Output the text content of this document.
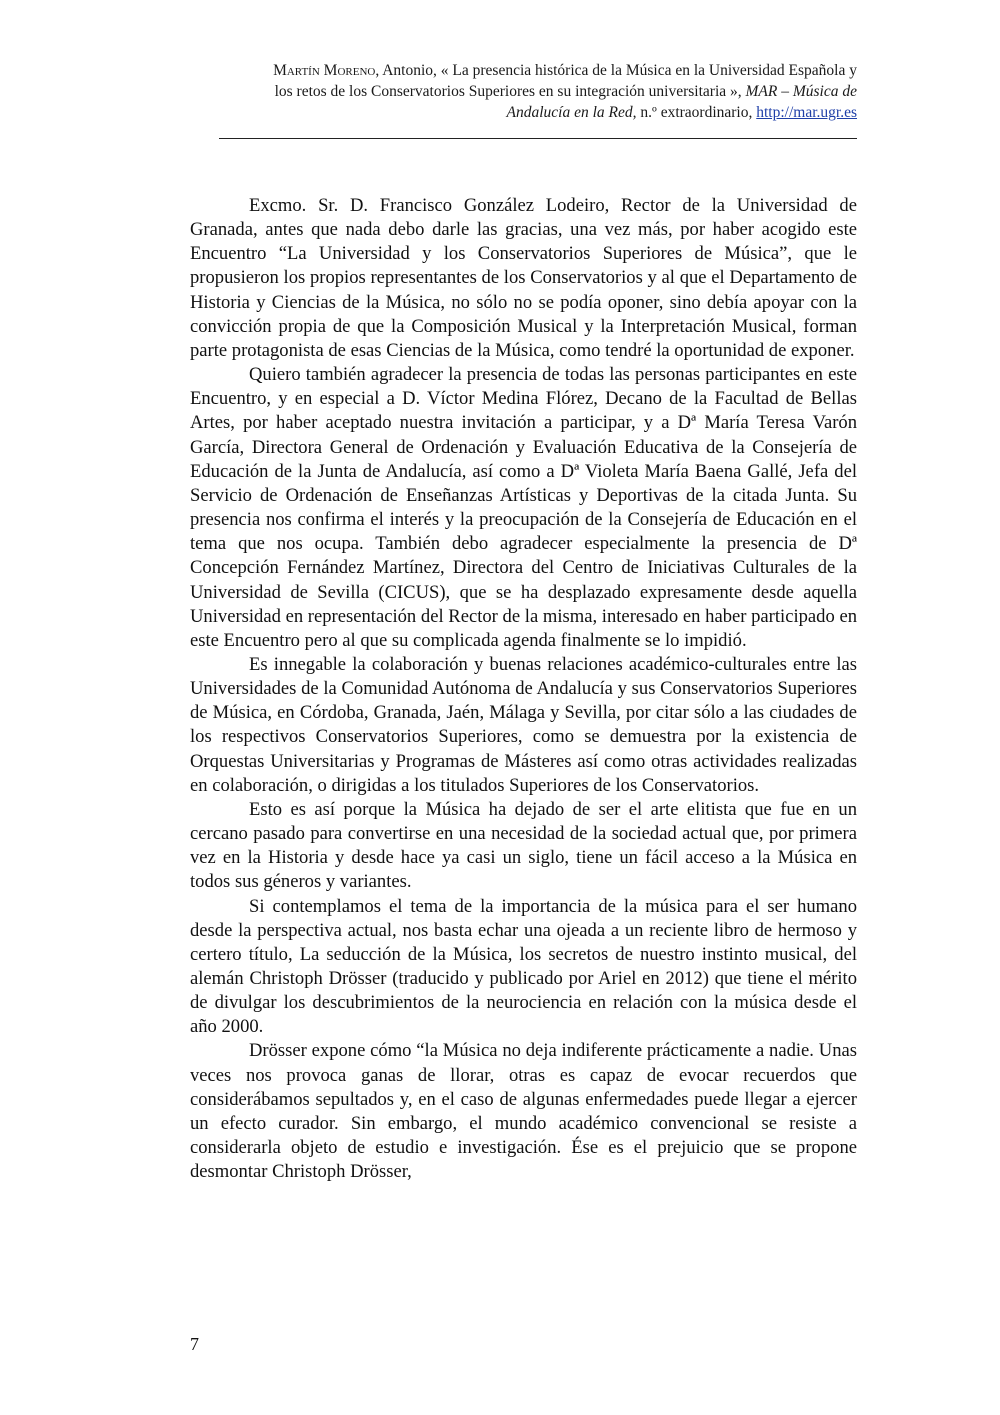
Martín Moreno, Antonio, « La presencia histórica de la Música en la Universidad Española y
los retos de los Conservatorios Superiores en su integración universitaria », MAR – Música de
Andalucía en la Red, n.º extraordinario, http://mar.ugr.es

Excmo. Sr. D. Francisco González Lodeiro, Rector de la Universidad de Granada, antes que nada debo darle las gracias, una vez más, por haber acogido este Encuentro “La Universidad y los Conservatorios Superiores de Música”, que le propusieron los propios representantes de los Conservatorios y al que el Departamento de Historia y Ciencias de la Música, no sólo no se podía oponer, sino debía apoyar con la convicción propia de que la Composición Musical y la Interpretación Musical, forman parte protagonista de esas Ciencias de la Música, como tendré la oportunidad de exponer.

Quiero también agradecer la presencia de todas las personas participantes en este Encuentro, y en especial a D. Víctor Medina Flórez, Decano de la Facultad de Bellas Artes, por haber aceptado nuestra invitación a participar, y a Dª María Teresa Varón García, Directora General de Ordenación y Evaluación Educativa de la Consejería de Educación de la Junta de Andalucía, así como a Dª Violeta María Baena Gallé, Jefa del Servicio de Ordenación de Enseñanzas Artísticas y Deportivas de la citada Junta. Su presencia nos confirma el interés y la preocupación de la Consejería de Educación en el tema que nos ocupa. También debo agradecer especialmente la presencia de Dª Concepción Fernández Martínez, Directora del Centro de Iniciativas Culturales de la Universidad de Sevilla (CICUS), que se ha desplazado expresamente desde aquella Universidad en representación del Rector de la misma, interesado en haber participado en este Encuentro pero al que su complicada agenda finalmente se lo impidió.

Es innegable la colaboración y buenas relaciones académico-culturales entre las Universidades de la Comunidad Autónoma de Andalucía y sus Conservatorios Superiores de Música, en Córdoba, Granada, Jaén, Málaga y Sevilla, por citar sólo a las ciudades de los respectivos Conservatorios Superiores, como se demuestra por la existencia de Orquestas Universitarias y Programas de Másteres así como otras actividades realizadas en colaboración, o dirigidas a los titulados Superiores de los Conservatorios.

Esto es así porque la Música ha dejado de ser el arte elitista que fue en un cercano pasado para convertirse en una necesidad de la sociedad actual que, por primera vez en la Historia y desde hace ya casi un siglo, tiene un fácil acceso a la Música en todos sus géneros y variantes.

Si contemplamos el tema de la importancia de la música para el ser humano desde la perspectiva actual, nos basta echar una ojeada a un reciente libro de hermoso y certero título, La seducción de la Música, los secretos de nuestro instinto musical, del alemán Christoph Drösser (traducido y publicado por Ariel en 2012) que tiene el mérito de divulgar los descubrimientos de la neurociencia en relación con la música desde el año 2000.

Drösser expone cómo “la Música no deja indiferente prácticamente a nadie. Unas veces nos provoca ganas de llorar, otras es capaz de evocar recuerdos que considerábamos sepultados y, en el caso de algunas enfermedades puede llegar a ejercer un efecto curador. Sin embargo, el mundo académico convencional se resiste a considerarla objeto de estudio e investigación. Ése es el prejuicio que se propone desmontar Christoph Drösser,

7
